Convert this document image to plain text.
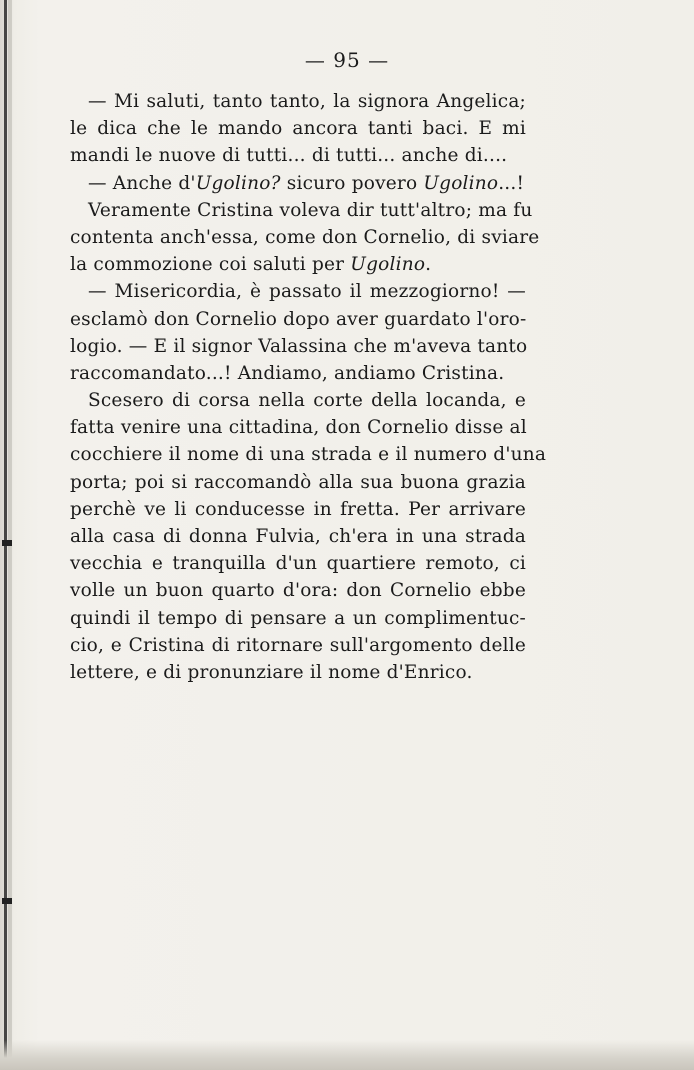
— 95 —
— Mi saluti, tanto tanto, la signora Angelica;
le dica che le mando ancora tanti baci. E mi
mandi le nuove di tutti... di tutti... anche di....
— Anche d'Ugolino? sicuro povero Ugolino...!
Veramente Cristina voleva dir tutt'altro; ma fu
contenta anch'essa, come don Cornelio, di sviare
la commozione coi saluti per Ugolino.
— Misericordia, è passato il mezzogiorno! —
esclamò don Cornelio dopo aver guardato l'oro-
logio. — E il signor Valassina che m'aveva tanto
raccomandato...! Andiamo, andiamo Cristina.
Scesero di corsa nella corte della locanda, e
fatta venire una cittadina, don Cornelio disse al
cocchiere il nome di una strada e il numero d'una
porta; poi si raccomandò alla sua buona grazia
perchè ve li conducesse in fretta. Per arrivare
alla casa di donna Fulvia, ch'era in una strada
vecchia e tranquilla d'un quartiere remoto, ci
volle un buon quarto d'ora: don Cornelio ebbe
quindi il tempo di pensare a un complimentuc-
cio, e Cristina di ritornare sull'argomento delle
lettere, e di pronunziare il nome d'Enrico.
